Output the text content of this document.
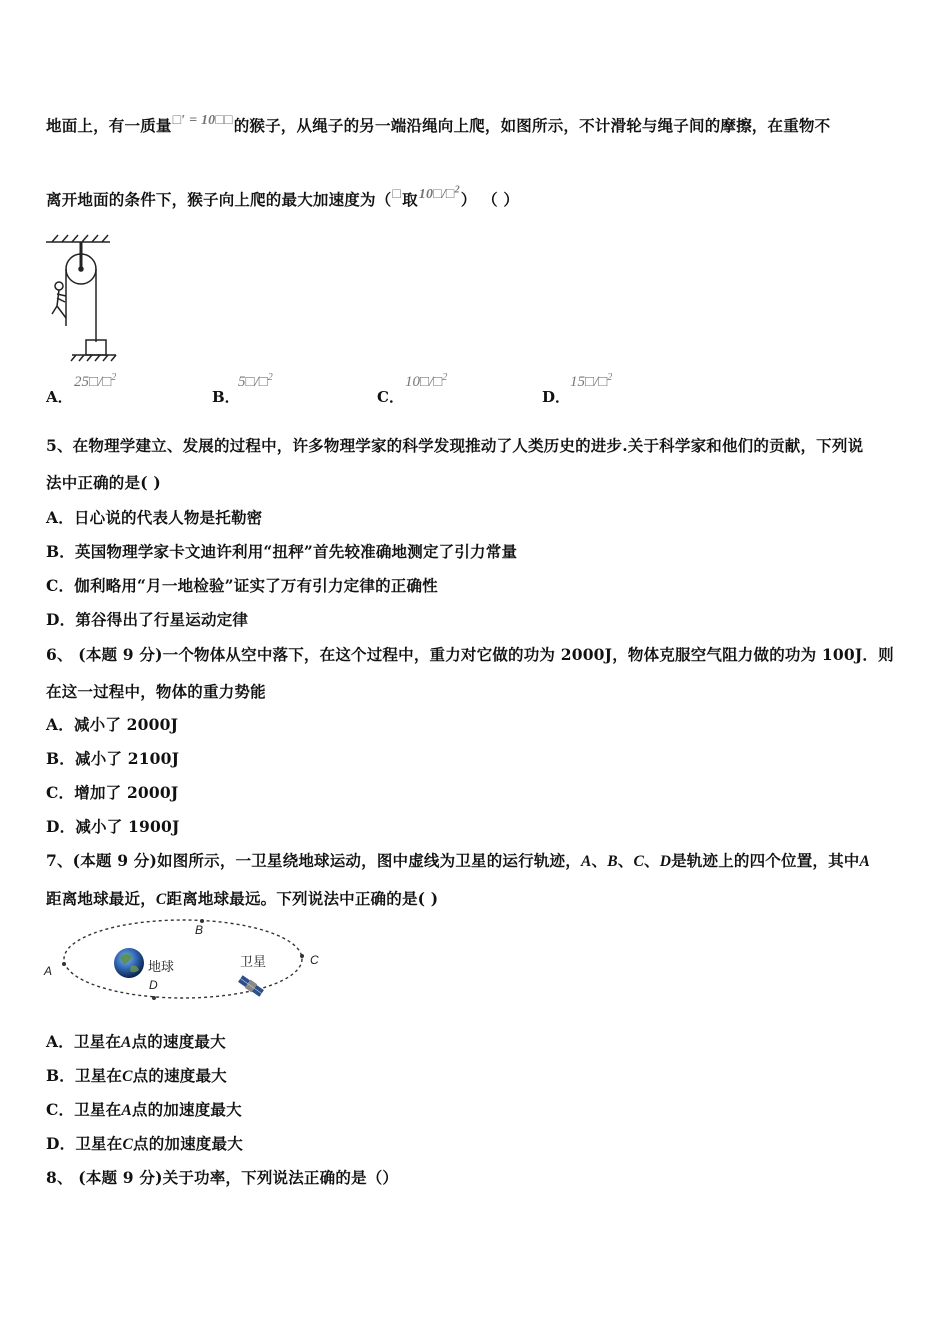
地面上，有一质量□′ = 10□□的猴子，从绳子的另一端沿绳向上爬，如图所示，不计滑轮与绳子间的摩擦，在重物不
离开地面的条件下，猴子向上爬的最大加速度为（□取10□/□$^2$） （ ）
A．
25□/□$^2$
B．
5□/□$^2$
C．
10□/□$^2$
D．
15□/□$^2$
5、在物理学建立、发展的过程中，许多物理学家的科学发现推动了人类历史的进步.关于科学家和他们的贡献，下列说
法中正确的是( )
A．日心说的代表人物是托勒密
B．英国物理学家卡文迪许利用“扭秤”首先较准确地测定了引力常量
C．伽利略用“月一地检验”证实了万有引力定律的正确性
D．第谷得出了行星运动定律
6、 (本题 9 分)一个物体从空中落下，在这个过程中，重力对它做的功为 2000J，物体克服空气阻力做的功为 100J．则
在这一过程中，物体的重力势能
A．减小了 2000J
B．减小了 2100J
C．增加了 2000J
D．减小了 1900J
7、(本题 9 分)如图所示，一卫星绕地球运动，图中虚线为卫星的运行轨迹，A、B、C、D是轨迹上的四个位置，其中A
距离地球最近，C距离地球最远。下列说法中正确的是( )
A
B
C
D
地球	卫星
A．卫星在A点的速度最大
B．卫星在C点的速度最大
C．卫星在A点的加速度最大
D．卫星在C点的加速度最大
8、 (本题 9 分)关于功率，下列说法正确的是（）
